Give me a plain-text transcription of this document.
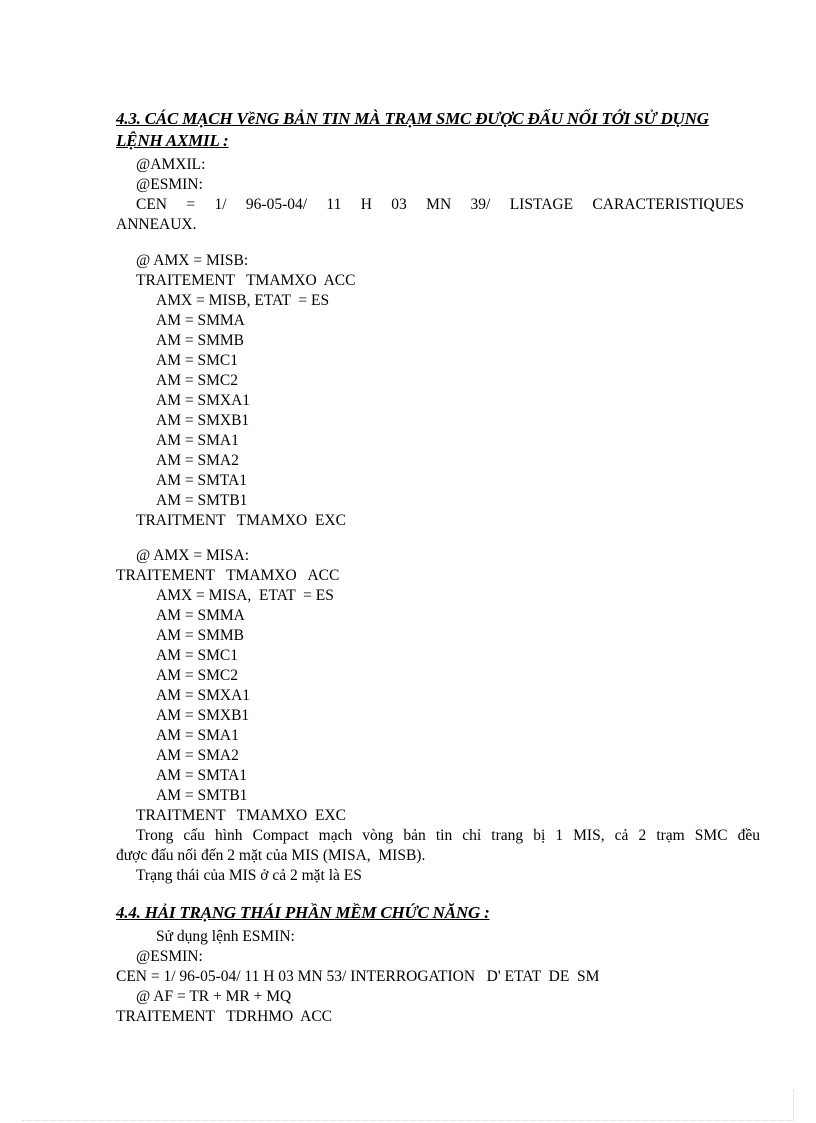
4.3. CÁC MẠCH VềNG BẢN TIN MÀ TRẠM SMC ĐƯỢC ĐẤU NỐI TỚI SỬ DỤNG LỆNH AXMIL :
@AMXIL:
@ESMIN:
CEN = 1/ 96-05-04/ 11 H 03 MN 39/ LISTAGE CARACTERISTIQUES
ANNEAUX.
@ AMX = MISB:
TRAITEMENT   TMAMXO  ACC
AMX = MISB, ETAT  = ES
AM = SMMA
AM = SMMB
AM = SMC1
AM = SMC2
AM = SMXA1
AM = SMXB1
AM = SMA1
AM = SMA2
AM = SMTA1
AM = SMTB1
TRAITMENT   TMAMXO  EXC
@ AMX = MISA:
TRAITEMENT   TMAMXO   ACC
AMX = MISA,  ETAT  = ES
AM = SMMA
AM = SMMB
AM = SMC1
AM = SMC2
AM = SMXA1
AM = SMXB1
AM = SMA1
AM = SMA2
AM = SMTA1
AM = SMTB1
TRAITMENT   TMAMXO  EXC
Trong cấu hình Compact mạch vòng bản tin chỉ trang bị 1 MIS, cả 2 trạm SMC đều
được đấu nối đến 2 mặt của MIS (MISA,  MISB).
Trạng thái của MIS ở cả 2 mặt là ES
4.4. HẢI TRẠNG THÁI PHẦN MỀM CHỨC NĂNG :
Sử dụng lệnh ESMIN:
@ESMIN:
CEN = 1/ 96-05-04/ 11 H 03 MN 53/ INTERROGATION   D' ETAT  DE  SM
@ AF = TR + MR + MQ
TRAITEMENT   TDRHMO  ACC
